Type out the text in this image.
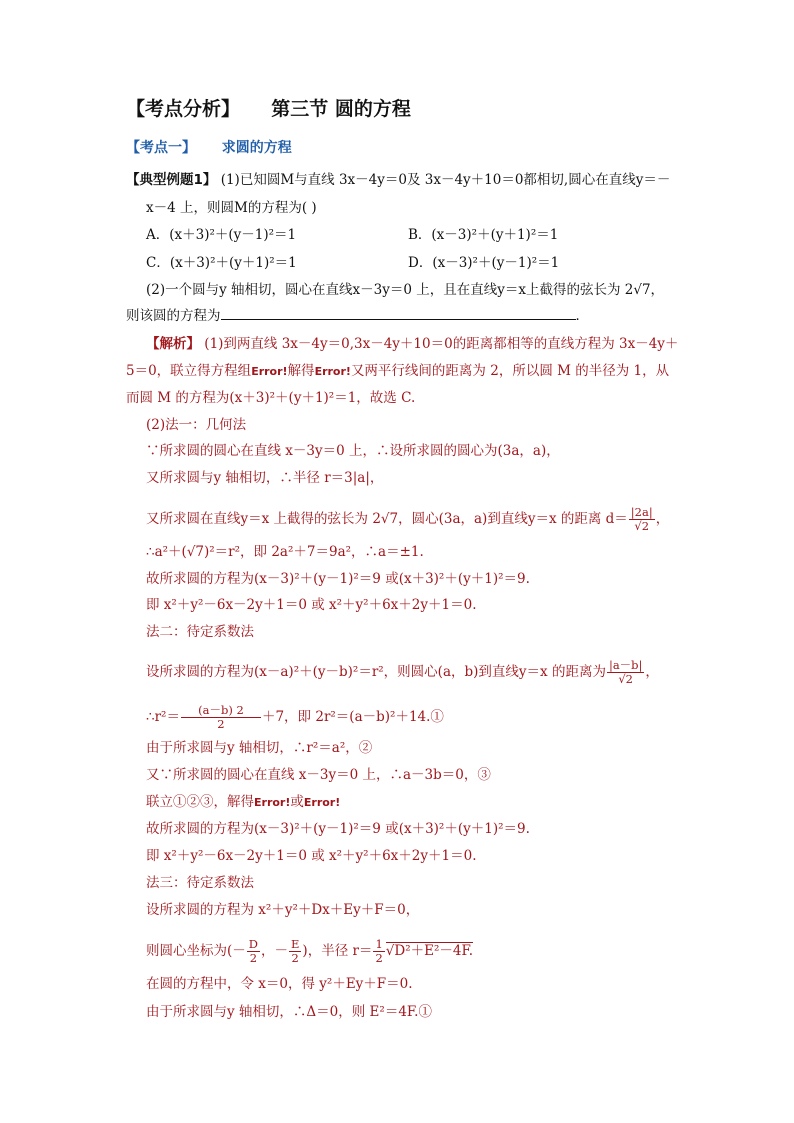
【考点分析】 第三节 圆的方程
【考点一】 求圆的方程
【典型例题1】 (1)已知圆M与直线 3x－4y＝0及 3x－4y＋10＝0都相切,圆心在直线y＝－
x－4 上，则圆M的方程为( )
A．(x＋3)²＋(y－1)²＝1	B．(x－3)²＋(y＋1)²＝1
C．(x＋3)²＋(y＋1)²＝1	D．(x－3)²＋(y－1)²＝1
(2)一个圆与y 轴相切，圆心在直线x－3y＝0 上，且在直线y＝x上截得的弦长为 2√7，
则该圆的方程为	．
【解析】 (1)到两直线 3x－4y＝0,3x－4y＋10＝0的距离都相等的直线方程为 3x－4y＋
5＝0，联立得方程组Error!解得Error!又两平行线间的距离为 2，所以圆 M 的半径为 1，从
而圆 M 的方程为(x＋3)²＋(y＋1)²＝1，故选 C.
(2)法一：几何法
∵所求圆的圆心在直线 x－3y＝0 上，∴设所求圆的圆心为(3a，a)，
又所求圆与y 轴相切，∴半径 r＝3|a|，
又所求圆在直线y＝x 上截得的弦长为 2√7，圆心(3a，a)到直线y＝x 的距离 $d= \frac{|2a|}{√2}$ ，
∴a²＋(√7)²＝r²，即 2a²＋7＝9a²，∴a＝±1.
故所求圆的方程为(x－3)²＋(y－1)²＝9 或(x＋3)²＋(y＋1)²＝9.
即 x²＋y²－6x－2y＋1＝0 或 x²＋y²＋6x＋2y＋1＝0.
法二：待定系数法
设所求圆的方程为(x－a)²＋(y－b)²＝r²，则圆心(a，b)到直线y＝x 的距离为 $\frac{|a-b|}{√2}$ ，
∴r²＝ $\frac{(a-b) 2}{2} +7$，即 2r²＝(a－b)²＋14.①
由于所求圆与y 轴相切，∴r²＝a²，②
又∵所求圆的圆心在直线 x－3y＝0 上，∴a－3b＝0，③
联立①②③，解得Error!或Error!
故所求圆的方程为(x－3)²＋(y－1)²＝9 或(x＋3)²＋(y＋1)²＝9.
即 x²＋y²－6x－2y＋1＝0 或 x²＋y²＋6x＋2y＋1＝0.
法三：待定系数法
设所求圆的方程为 x²＋y²＋Dx＋Ey＋F＝0，
则圆心坐标为(－ $\frac{D}{2}$ ，－ $\frac{E}{2}$ )，半径 $r= \frac{1}{2} √D^2+E^2-4F$.
在圆的方程中，令 x＝0，得 y²＋Ey＋F＝0.
由于所求圆与y 轴相切，∴Δ＝0，则 E²＝4F.①
